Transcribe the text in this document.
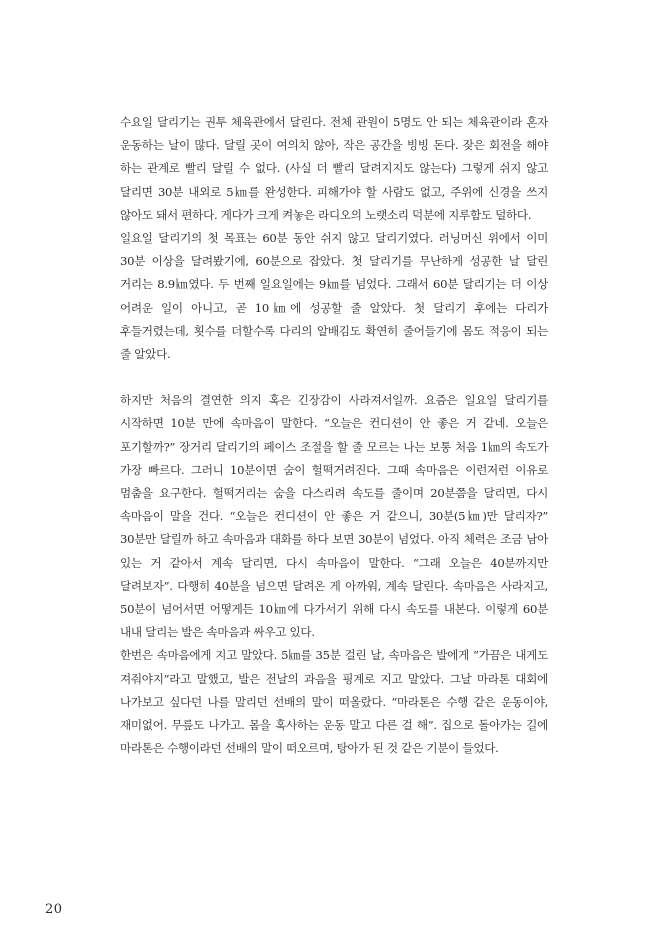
수요일 달리기는 권투 체육관에서 달린다. 전체 관원이 5명도 안 되는 체육관이라 혼자 운동하는 날이 많다. 달릴 곳이 여의치 않아, 작은 공간을 빙빙 돈다. 잦은 회전을 해야 하는 관계로 빨리 달릴 수 없다. (사실 더 빨리 달려지지도 않는다) 그렇게 쉬지 않고 달리면 30분 내외로 5㎞를 완성한다. 피해가야 할 사람도 없고, 주위에 신경을 쓰지 않아도 돼서 편하다. 게다가 크게 켜놓은 라디오의 노랫소리 덕분에 지루함도 덜하다.

일요일 달리기의 첫 목표는 60분 동안 쉬지 않고 달리기였다. 러닝머신 위에서 이미 30분 이상을 달려봤기에, 60분으로 잡았다. 첫 달리기를 무난하게 성공한 날 달린 거리는 8.9㎞였다. 두 번째 일요일에는 9㎞를 넘었다. 그래서 60분 달리기는 더 이상 어려운 일이 아니고, 곧 10㎞에 성공할 줄 알았다. 첫 달리기 후에는 다리가 후들거렸는데, 횟수를 더할수록 다리의 알배김도 확연히 줄어들기에 몸도 적응이 되는 줄 알았다.

하지만 처음의 결연한 의지 혹은 긴장감이 사라져서일까. 요즘은 일요일 달리기를 시작하면 10분 만에 속마음이 말한다. “오늘은 컨디션이 안 좋은 거 같네. 오늘은 포기할까?” 장거리 달리기의 페이스 조절을 할 줄 모르는 나는 보통 처음 1㎞의 속도가 가장 빠르다. 그러니 10분이면 숨이 헐떡거려진다. 그때 속마음은 이런저런 이유로 멈춤을 요구한다. 헐떡거리는 숨을 다스리려 속도를 줄이며 20분쯤을 달리면, 다시 속마음이 말을 건다. “오늘은 컨디션이 안 좋은 거 같으니, 30분(5㎞)만 달리자?” 30분만 달릴까 하고 속마음과 대화를 하다 보면 30분이 넘었다. 아직 체력은 조금 남아 있는 거 같아서 계속 달리면, 다시 속마음이 말한다. “그래 오늘은 40분까지만 달려보자”. 다행히 40분을 넘으면 달려온 게 아까워, 계속 달린다. 속마음은 사라지고, 50분이 넘어서면 어떻게든 10㎞에 다가서기 위해 다시 속도를 내본다. 이렇게 60분 내내 달리는 발은 속마음과 싸우고 있다.

한번은 속마음에게 지고 말았다. 5㎞를 35분 걸린 날, 속마음은 발에게 “가끔은 내게도 져줘야지”라고 말했고, 발은 전날의 과음을 핑계로 지고 말았다. 그날 마라톤 대회에 나가보고 싶다던 나를 말리던 선배의 말이 떠올랐다. “마라톤은 수행 같은 운동이야, 재미없어. 무릎도 나가고. 몸을 혹사하는 운동 말고 다른 걸 해”. 집으로 돌아가는 길에 마라톤은 수행이라던 선배의 말이 떠오르며, 탕아가 된 것 같은 기분이 들었다.

20
